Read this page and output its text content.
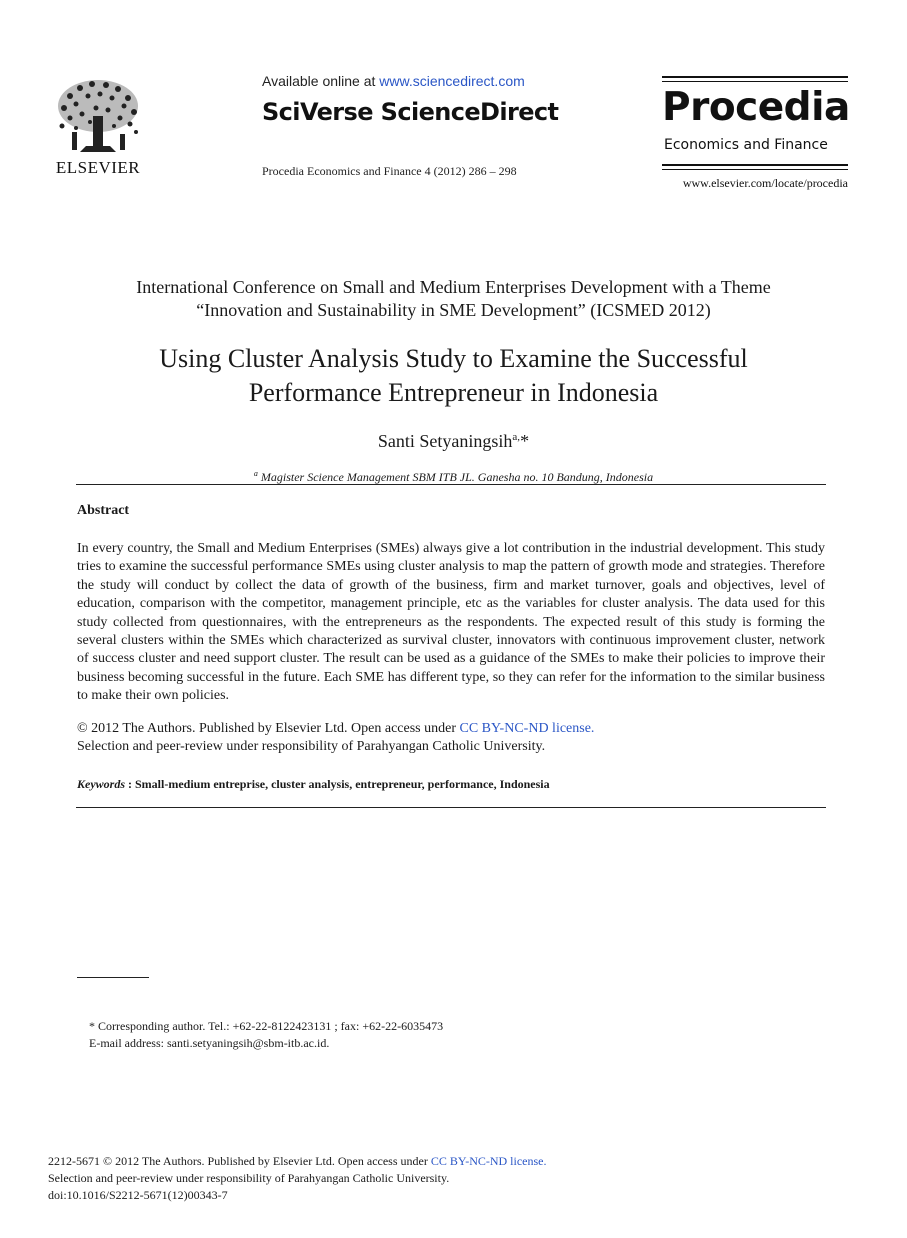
ELSEVIER
Available online at www.sciencedirect.com
SciVerse ScienceDirect
Procedia Economics and Finance 4 (2012) 286 – 298
Procedia
Economics and Finance
www.elsevier.com/locate/procedia
International Conference on Small and Medium Enterprises Development with a Theme
“Innovation and Sustainability in SME Development” (ICSMED 2012)
Using Cluster Analysis Study to Examine the Successful
Performance Entrepreneur in Indonesia
Santi Setyaningsih$^{a,}$*
$^a$ Magister Science Management SBM ITB JL. Ganesha no. 10 Bandung, Indonesia
Abstract

In every country, the Small and Medium Enterprises (SMEs) always give a lot contribution in the industrial development. This study tries to examine the successful performance SMEs using cluster analysis to map the pattern of growth mode and strategies. Therefore the study will conduct by collect the data of growth of the business, firm and market turnover, goals and objectives, level of education, comparison with the competitor, management principle, etc as the variables for cluster analysis. The data used for this study collected from questionnaires, with the entrepreneurs as the respondents. The expected result of this study is forming the several clusters within the SMEs which characterized as survival cluster, innovators with continuous improvement cluster, network of success cluster and need support cluster. The result can be used as a guidance of the SMEs to make their policies to improve their business becoming successful in the future. Each SME has different type, so they can refer for the information to the similar business to make their own policies.

© 2012 The Authors. Published by Elsevier Ltd. Open access under CC BY-NC-ND license.
Selection and peer-review under responsibility of Parahyangan Catholic University.
Keywords : Small-medium entreprise, cluster analysis, entrepreneur, performance, Indonesia
* Corresponding author. Tel.: +62-22-8122423131 ; fax: +62-22-6035473
E-mail address: santi.setyaningsih@sbm-itb.ac.id.
2212-5671 © 2012 The Authors. Published by Elsevier Ltd. Open access under CC BY-NC-ND license.
Selection and peer-review under responsibility of Parahyangan Catholic University.
doi:10.1016/S2212-5671(12)00343-7
